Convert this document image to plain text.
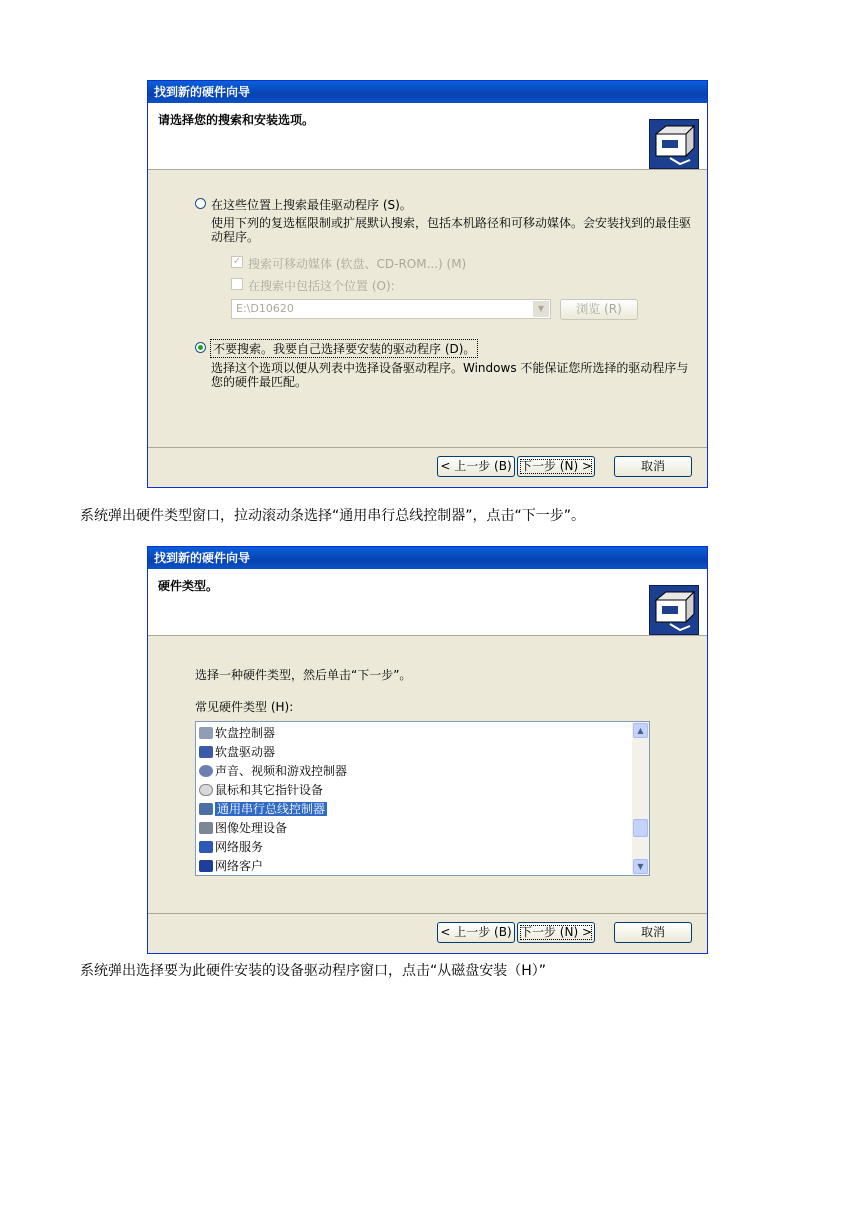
找到新的硬件向导
请选择您的搜索和安装选项。
在这些位置上搜索最佳驱动程序 (S)。
使用下列的复选框限制或扩展默认搜索，包括本机路径和可移动媒体。会安装找到的最佳驱动程序。
✓ 搜索可移动媒体 (软盘、CD-ROM...) (M)
在搜索中包括这个位置 (O):
E:\D10620	▼	浏览 (R)
不要搜索。我要自己选择要安装的驱动程序 (D)。
选择这个选项以便从列表中选择设备驱动程序。Windows 不能保证您所选择的驱动程序与您的硬件最匹配。
< 上一步 (B) 下一步 (N) >	取消
系统弹出硬件类型窗口，拉动滚动条选择“通用串行总线控制器”，点击“下一步”。
找到新的硬件向导
硬件类型。
选择一种硬件类型，然后单击“下一步”。
常见硬件类型 (H):
软盘控制器
软盘驱动器
声音、视频和游戏控制器
鼠标和其它指针设备
通用串行总线控制器
图像处理设备
网络服务
网络客户
▲
▼
< 上一步 (B) 下一步 (N) >	取消
系统弹出选择要为此硬件安装的设备驱动程序窗口，点击“从磁盘安装（H）”
